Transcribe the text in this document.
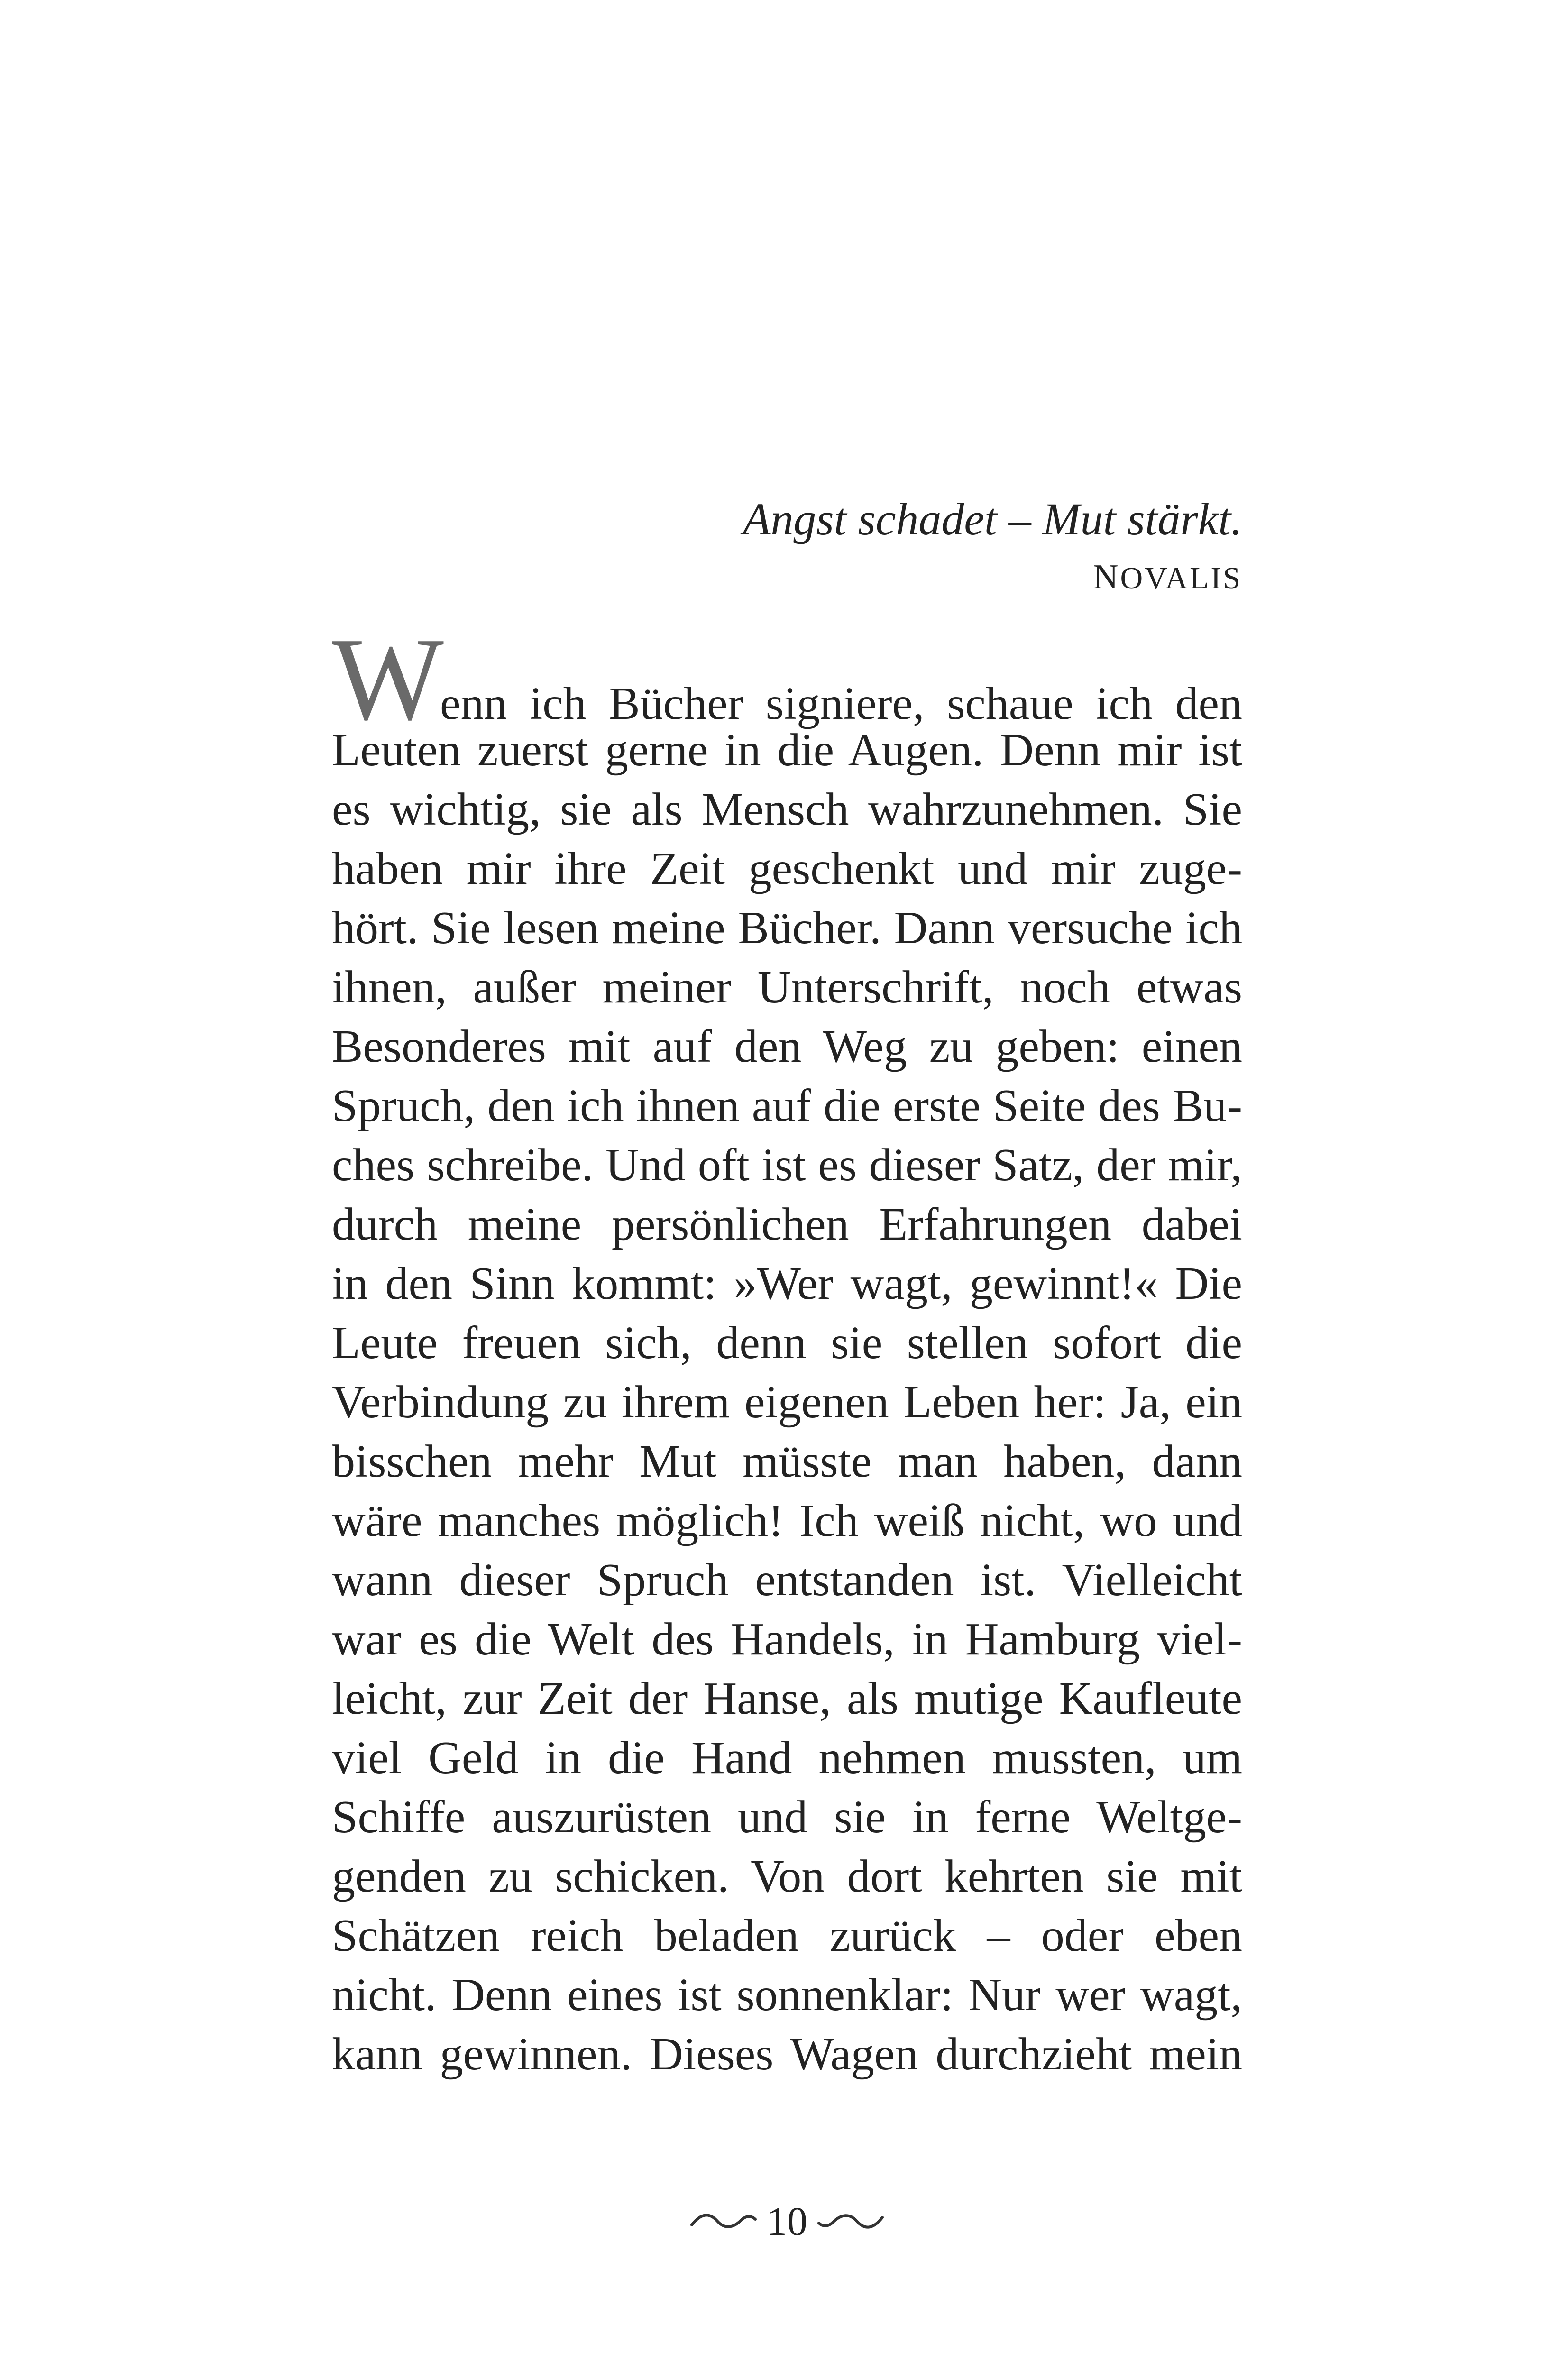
Angst schadet – Mut stärkt.

NOVALIS

Wenn ich Bücher signiere, schaue ich den
Leuten zuerst gerne in die Augen. Denn mir ist
es wichtig, sie als Mensch wahrzunehmen. Sie
haben mir ihre Zeit geschenkt und mir zuge-
hört. Sie lesen meine Bücher. Dann versuche ich
ihnen, außer meiner Unterschrift, noch etwas
Besonderes mit auf den Weg zu geben: einen
Spruch, den ich ihnen auf die erste Seite des Bu-
ches schreibe. Und oft ist es dieser Satz, der mir,
durch meine persönlichen Erfahrungen dabei
in den Sinn kommt: »Wer wagt, gewinnt!« Die
Leute freuen sich, denn sie stellen sofort die
Verbindung zu ihrem eigenen Leben her: Ja, ein
bisschen mehr Mut müsste man haben, dann
wäre manches möglich! Ich weiß nicht, wo und
wann dieser Spruch entstanden ist. Vielleicht
war es die Welt des Handels, in Hamburg viel-
leicht, zur Zeit der Hanse, als mutige Kaufleute
viel Geld in die Hand nehmen mussten, um
Schiffe auszurüsten und sie in ferne Weltge-
genden zu schicken. Von dort kehrten sie mit
Schätzen reich beladen zurück – oder eben
nicht. Denn eines ist sonnenklar: Nur wer wagt,
kann gewinnen. Dieses Wagen durchzieht mein
10
